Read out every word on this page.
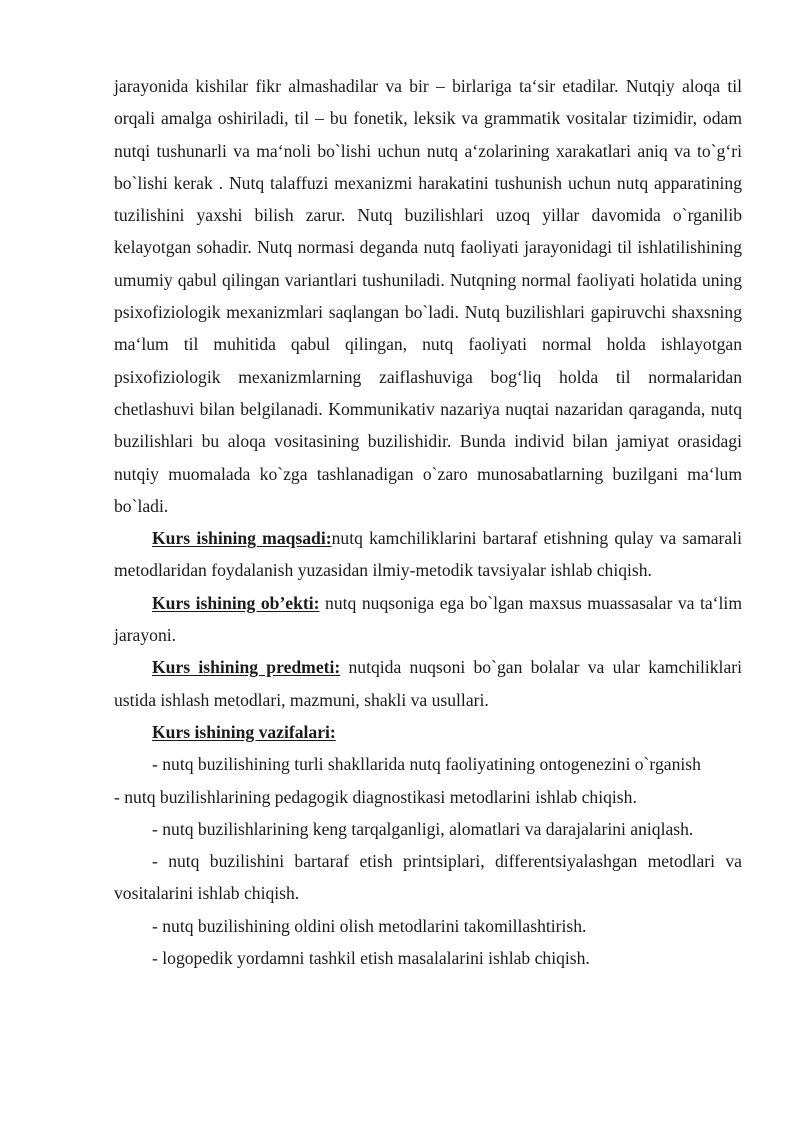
jarayonida kishilar fikr almashadilar va bir – birlariga ta‘sir etadilar. Nutqiy aloqa til orqali amalga oshiriladi, til – bu fonetik, leksik va grammatik vositalar tizimidir, odam nutqi tushunarli va ma‘noli bo`lishi uchun nutq a‘zolarining xarakatlari aniq va to`g‘ri bo`lishi kerak . Nutq talaffuzi mexanizmi harakatini tushunish uchun nutq apparatining tuzilishini yaxshi bilish zarur. Nutq buzilishlari uzoq yillar davomida o`rganilib kelayotgan sohadir. Nutq normasi deganda nutq faoliyati jarayonidagi til ishlatilishining umumiy qabul qilingan variantlari tushuniladi. Nutqning normal faoliyati holatida uning psixofiziologik mexanizmlari saqlangan bo`ladi. Nutq buzilishlari gapiruvchi shaxsning ma‘lum til muhitida qabul qilingan, nutq faoliyati normal holda ishlayotgan psixofiziologik mexanizmlarning zaiflashuviga bog‘liq holda til normalaridan chetlashuvi bilan belgilanadi. Kommunikativ nazariya nuqtai nazaridan qaraganda, nutq buzilishlari bu aloqa vositasining buzilishidir. Bunda individ bilan jamiyat orasidagi nutqiy muomalada ko`zga tashlanadigan o`zaro munosabatlarning buzilgani ma‘lum bo`ladi.

Kurs ishining maqsadi:nutq kamchiliklarini bartaraf etishning qulay va samarali metodlaridan foydalanish yuzasidan ilmiy-metodik tavsiyalar ishlab chiqish.

Kurs ishining ob’ekti: nutq nuqsoniga ega bo`lgan maxsus muassasalar va ta‘lim jarayoni.

Kurs ishining predmeti: nutqida nuqsoni bo`gan bolalar va ular kamchiliklari ustida ishlash metodlari, mazmuni, shakli va usullari.

Kurs ishining vazifalari:

- nutq buzilishining turli shakllarida nutq faoliyatining ontogenezini o`rganish
- nutq buzilishlarining pedagogik diagnostikasi metodlarini ishlab chiqish.
- nutq buzilishlarining keng tarqalganligi, alomatlari va darajalarini aniqlash.
- nutq buzilishini bartaraf etish printsiplari, differentsiyalashgan metodlari va vositalarini ishlab chiqish.
- nutq buzilishining oldini olish metodlarini takomillashtirish.
- logopedik yordamni tashkil etish masalalarini ishlab chiqish.
